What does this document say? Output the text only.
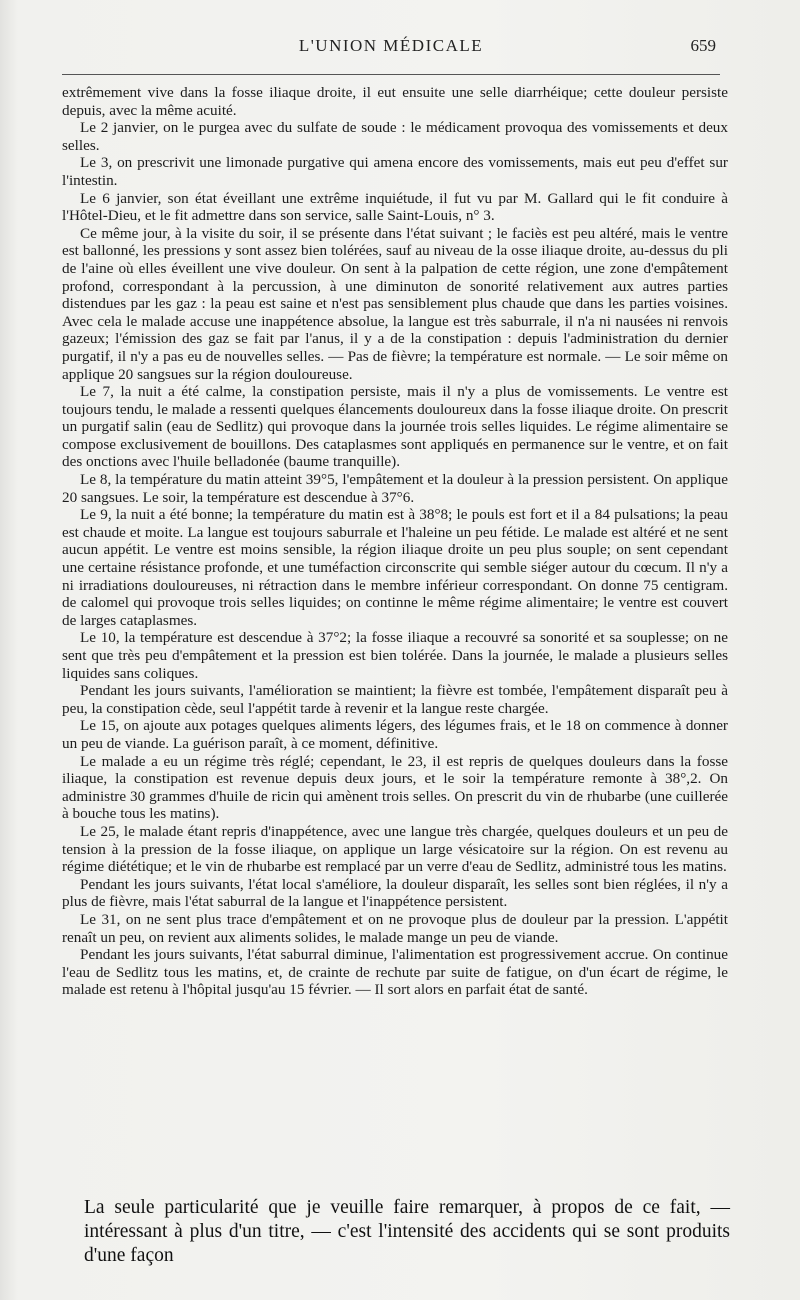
L'UNION MÉDICALE	659

extrêmement vive dans la fosse iliaque droite, il eut ensuite une selle diarrhéique; cette douleur persiste depuis, avec la même acuité.

Le 2 janvier, on le purgea avec du sulfate de soude : le médicament provoqua des vomissements et deux selles.

Le 3, on prescrivit une limonade purgative qui amena encore des vomissements, mais eut peu d'effet sur l'intestin.

Le 6 janvier, son état éveillant une extrême inquiétude, il fut vu par M. Gallard qui le fit conduire à l'Hôtel-Dieu, et le fit admettre dans son service, salle Saint-Louis, n° 3.

Ce même jour, à la visite du soir, il se présente dans l'état suivant ; le faciès est peu altéré, mais le ventre est ballonné, les pressions y sont assez bien tolérées, sauf au niveau de la osse iliaque droite, au-dessus du pli de l'aine où elles éveillent une vive douleur. On sent à la palpation de cette région, une zone d'empâtement profond, correspondant à la percussion, à une diminuton de sonorité relativement aux autres parties distendues par les gaz : la peau est saine et n'est pas sensiblement plus chaude que dans les parties voisines. Avec cela le malade accuse une inappétence absolue, la langue est très saburrale, il n'a ni nausées ni renvois gazeux; l'émission des gaz se fait par l'anus, il y a de la constipation : depuis l'administration du dernier purgatif, il n'y a pas eu de nouvelles selles. — Pas de fièvre; la température est normale. — Le soir même on applique 20 sangsues sur la région douloureuse.

Le 7, la nuit a été calme, la constipation persiste, mais il n'y a plus de vomissements. Le ventre est toujours tendu, le malade a ressenti quelques élancements douloureux dans la fosse iliaque droite. On prescrit un purgatif salin (eau de Sedlitz) qui provoque dans la journée trois selles liquides. Le régime alimentaire se compose exclusivement de bouillons. Des cataplasmes sont appliqués en permanence sur le ventre, et on fait des onctions avec l'huile belladonée (baume tranquille).

Le 8, la température du matin atteint 39°5, l'empâtement et la douleur à la pression persistent. On applique 20 sangsues. Le soir, la température est descendue à 37°6.

Le 9, la nuit a été bonne; la température du matin est à 38°8; le pouls est fort et il a 84 pulsations; la peau est chaude et moite. La langue est toujours saburrale et l'haleine un peu fétide. Le malade est altéré et ne sent aucun appétit. Le ventre est moins sensible, la région iliaque droite un peu plus souple; on sent cependant une certaine résistance profonde, et une tuméfaction circonscrite qui semble siéger autour du cœcum. Il n'y a ni irradiations douloureuses, ni rétraction dans le membre inférieur correspondant. On donne 75 centigram. de calomel qui provoque trois selles liquides; on continne le même régime alimentaire; le ventre est couvert de larges cataplasmes.

Le 10, la température est descendue à 37°2; la fosse iliaque a recouvré sa sonorité et sa souplesse; on ne sent que très peu d'empâtement et la pression est bien tolérée. Dans la journée, le malade a plusieurs selles liquides sans coliques.

Pendant les jours suivants, l'amélioration se maintient; la fièvre est tombée, l'empâtement disparaît peu à peu, la constipation cède, seul l'appétit tarde à revenir et la langue reste chargée.

Le 15, on ajoute aux potages quelques aliments légers, des légumes frais, et le 18 on commence à donner un peu de viande. La guérison paraît, à ce moment, définitive.

Le malade a eu un régime très réglé; cependant, le 23, il est repris de quelques douleurs dans la fosse iliaque, la constipation est revenue depuis deux jours, et le soir la température remonte à 38°,2. On administre 30 grammes d'huile de ricin qui amènent trois selles. On prescrit du vin de rhubarbe (une cuillerée à bouche tous les matins).

Le 25, le malade étant repris d'inappétence, avec une langue très chargée, quelques douleurs et un peu de tension à la pression de la fosse iliaque, on applique un large vésicatoire sur la région. On est revenu au régime diététique; et le vin de rhubarbe est remplacé par un verre d'eau de Sedlitz, administré tous les matins.

Pendant les jours suivants, l'état local s'améliore, la douleur disparaît, les selles sont bien réglées, il n'y a plus de fièvre, mais l'état saburral de la langue et l'inappétence persistent.

Le 31, on ne sent plus trace d'empâtement et on ne provoque plus de douleur par la pression. L'appétit renaît un peu, on revient aux aliments solides, le malade mange un peu de viande.

Pendant les jours suivants, l'état saburral diminue, l'alimentation est progressivement accrue. On continue l'eau de Sedlitz tous les matins, et, de crainte de rechute par suite de fatigue, on d'un écart de régime, le malade est retenu à l'hôpital jusqu'au 15 février. — Il sort alors en parfait état de santé.

La seule particularité que je veuille faire remarquer, à propos de ce fait, — intéressant à plus d'un titre, — c'est l'intensité des accidents qui se sont produits d'une façon
